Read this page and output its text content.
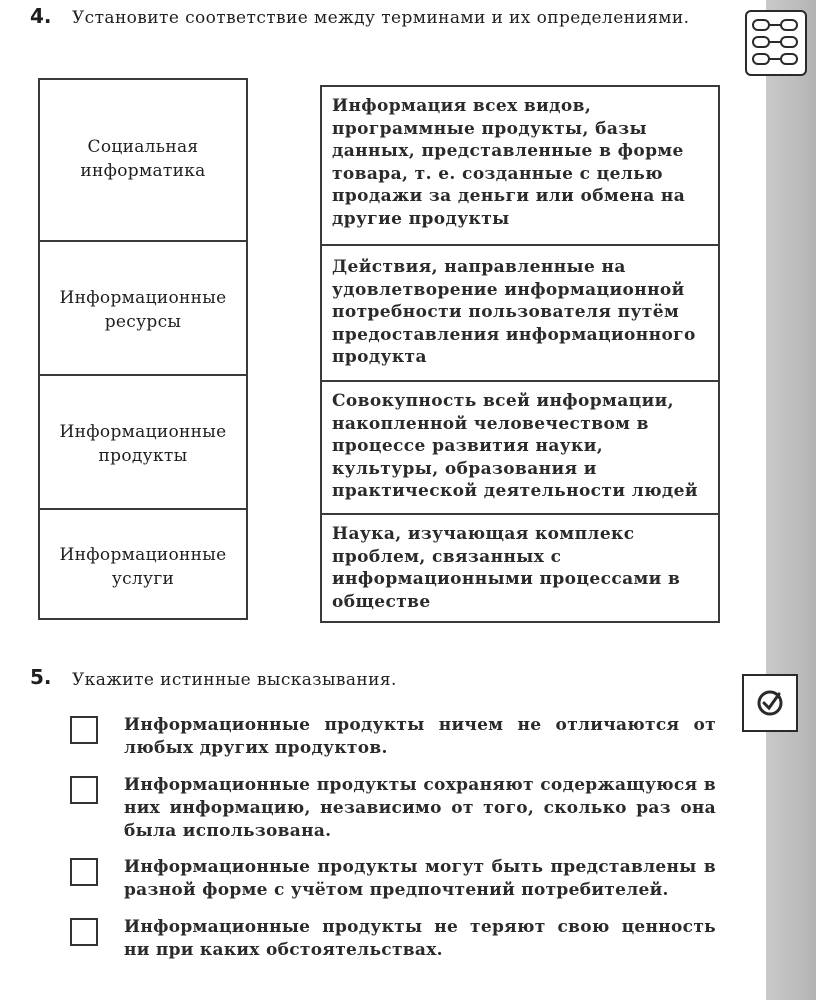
4. Установите соответствие между терминами и их определениями.
Социальная информатика
Информационные ресурсы
Информационные продукты
Информационные услуги
Информация всех видов, программные продукты, базы данных, представленные в форме товара, т. е. созданные с целью продажи за деньги или обмена на другие продукты
Действия, направленные на удовлетворение информационной потребности пользователя путём предоставления информационного продукта
Совокупность всей информации, накопленной человечеством в процессе развития науки, культуры, образования и практической деятельности людей
Наука, изучающая комплекс проблем, связанных с информационными процессами в обществе
5. Укажите истинные высказывания.
Информационные продукты ничем не отличаются от любых других продуктов.
Информационные продукты сохраняют содержащуюся в них информацию, независимо от того, сколько раз она была использована.
Информационные продукты могут быть представлены в разной форме с учётом предпочтений потребителей.
Информационные продукты не теряют свою ценность ни при каких обстоятельствах.
